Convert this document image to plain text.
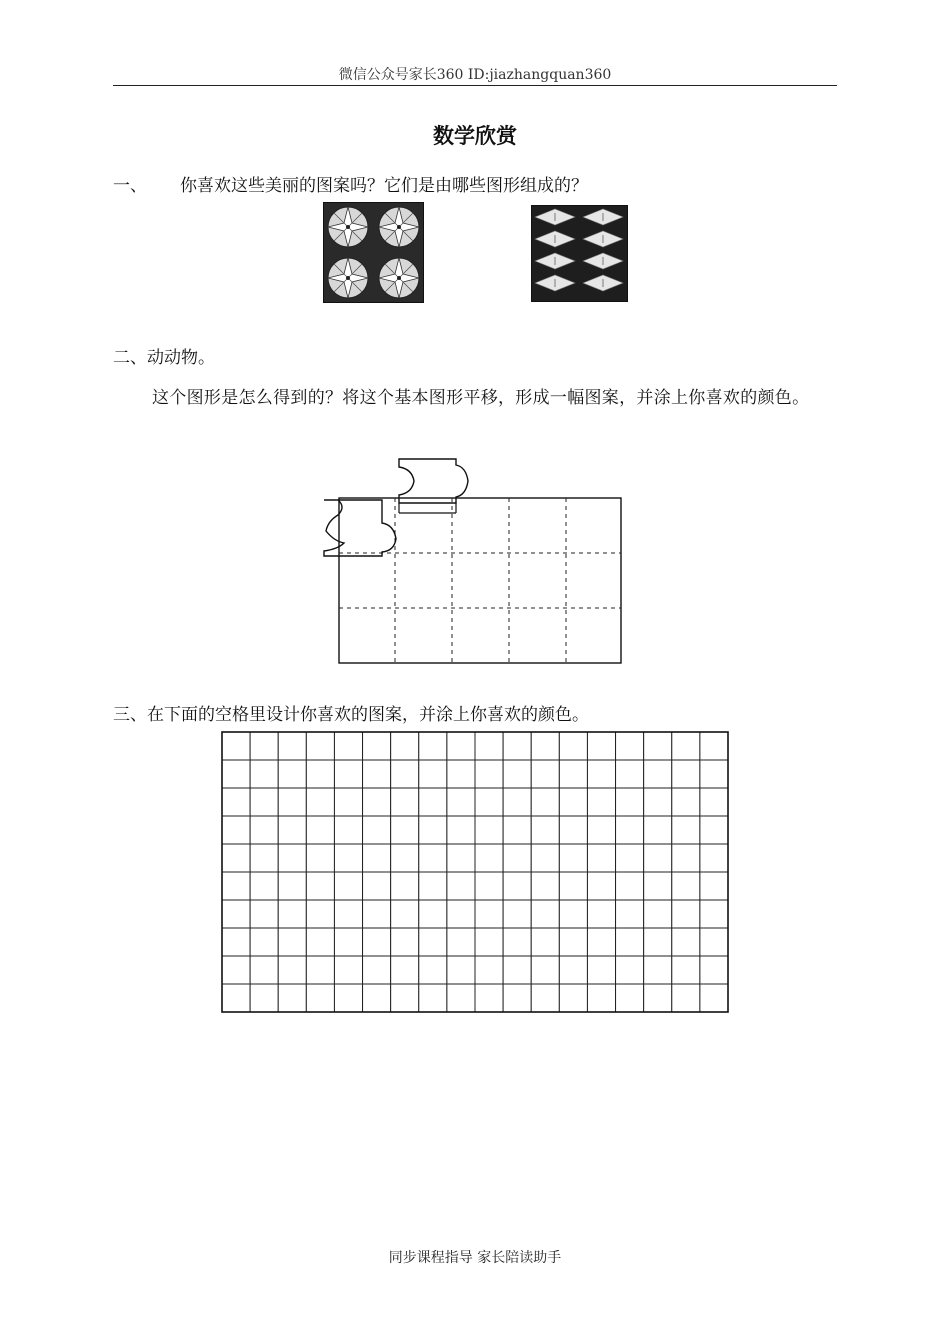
微信公众号家长360 ID:jiazhangquan360
数学欣赏
一、 你喜欢这些美丽的图案吗？它们是由哪些图形组成的？
二、动动物。
这个图形是怎么得到的？将这个基本图形平移，形成一幅图案，并涂上你喜欢的颜色。
三、在下面的空格里设计你喜欢的图案，并涂上你喜欢的颜色。
同步课程指导 家长陪读助手
